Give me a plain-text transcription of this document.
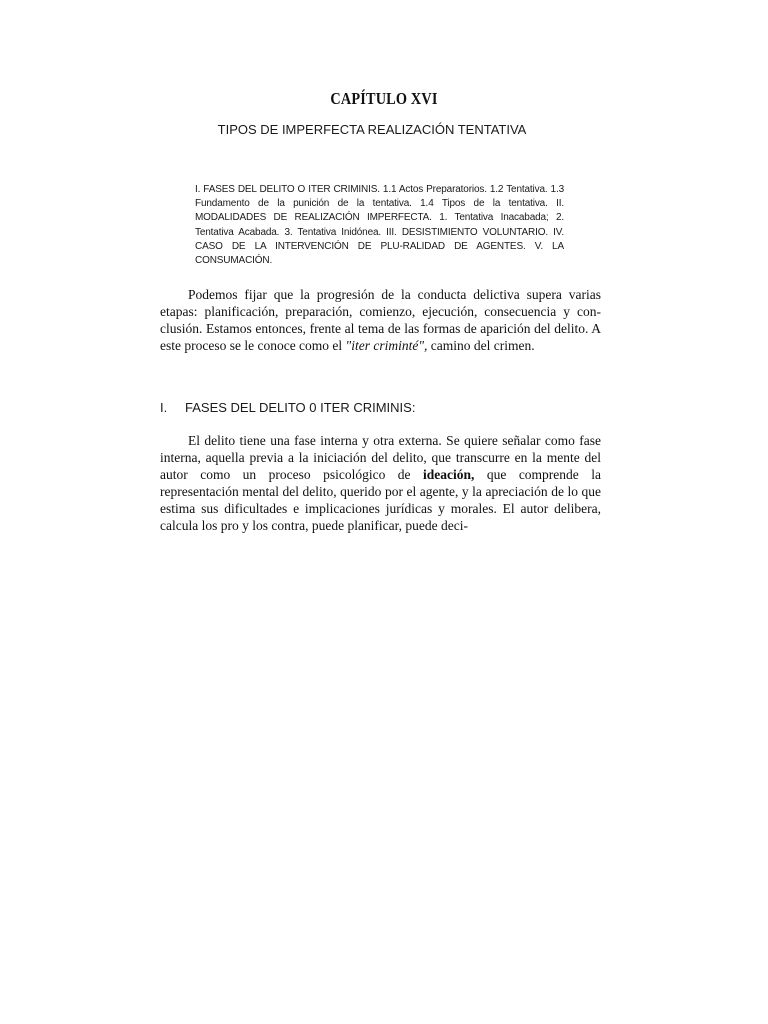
CAPÍTULO XVI
TIPOS DE IMPERFECTA REALIZACIÓN TENTATIVA
I. FASES DEL DELITO O ITER CRIMINIS. 1.1 Actos Preparatorios. 1.2 Tentativa. 1.3 Fundamento de la punición de la tentativa. 1.4 Tipos de la tentativa. II. MODALIDADES DE REALIZACIÓN IMPERFECTA. 1. Tentativa Inacabada; 2. Tentativa Acabada. 3. Tentativa Inidónea. III. DESISTIMIENTO VOLUNTARIO. IV. CASO DE LA INTERVENCIÓN DE PLU-RALIDAD DE AGENTES. V. LA CONSUMACIÓN.

Podemos fijar que la progresión de la conducta delictiva supera varias etapas: planificación, preparación, comienzo, ejecución, consecuencia y con-clusión. Estamos entonces, frente al tema de las formas de aparición del delito. A este proceso se le conoce como el "iter criminté", camino del crimen.

I. FASES DEL DELITO 0 ITER CRIMINIS:

El delito tiene una fase interna y otra externa. Se quiere señalar como fase interna, aquella previa a la iniciación del delito, que transcurre en la mente del autor como un proceso psicológico de ideación, que comprende la representación mental del delito, querido por el agente, y la apreciación de lo que estima sus dificultades e implicaciones jurídicas y morales. El autor delibera, calcula los pro y los contra, puede planificar, puede deci-
